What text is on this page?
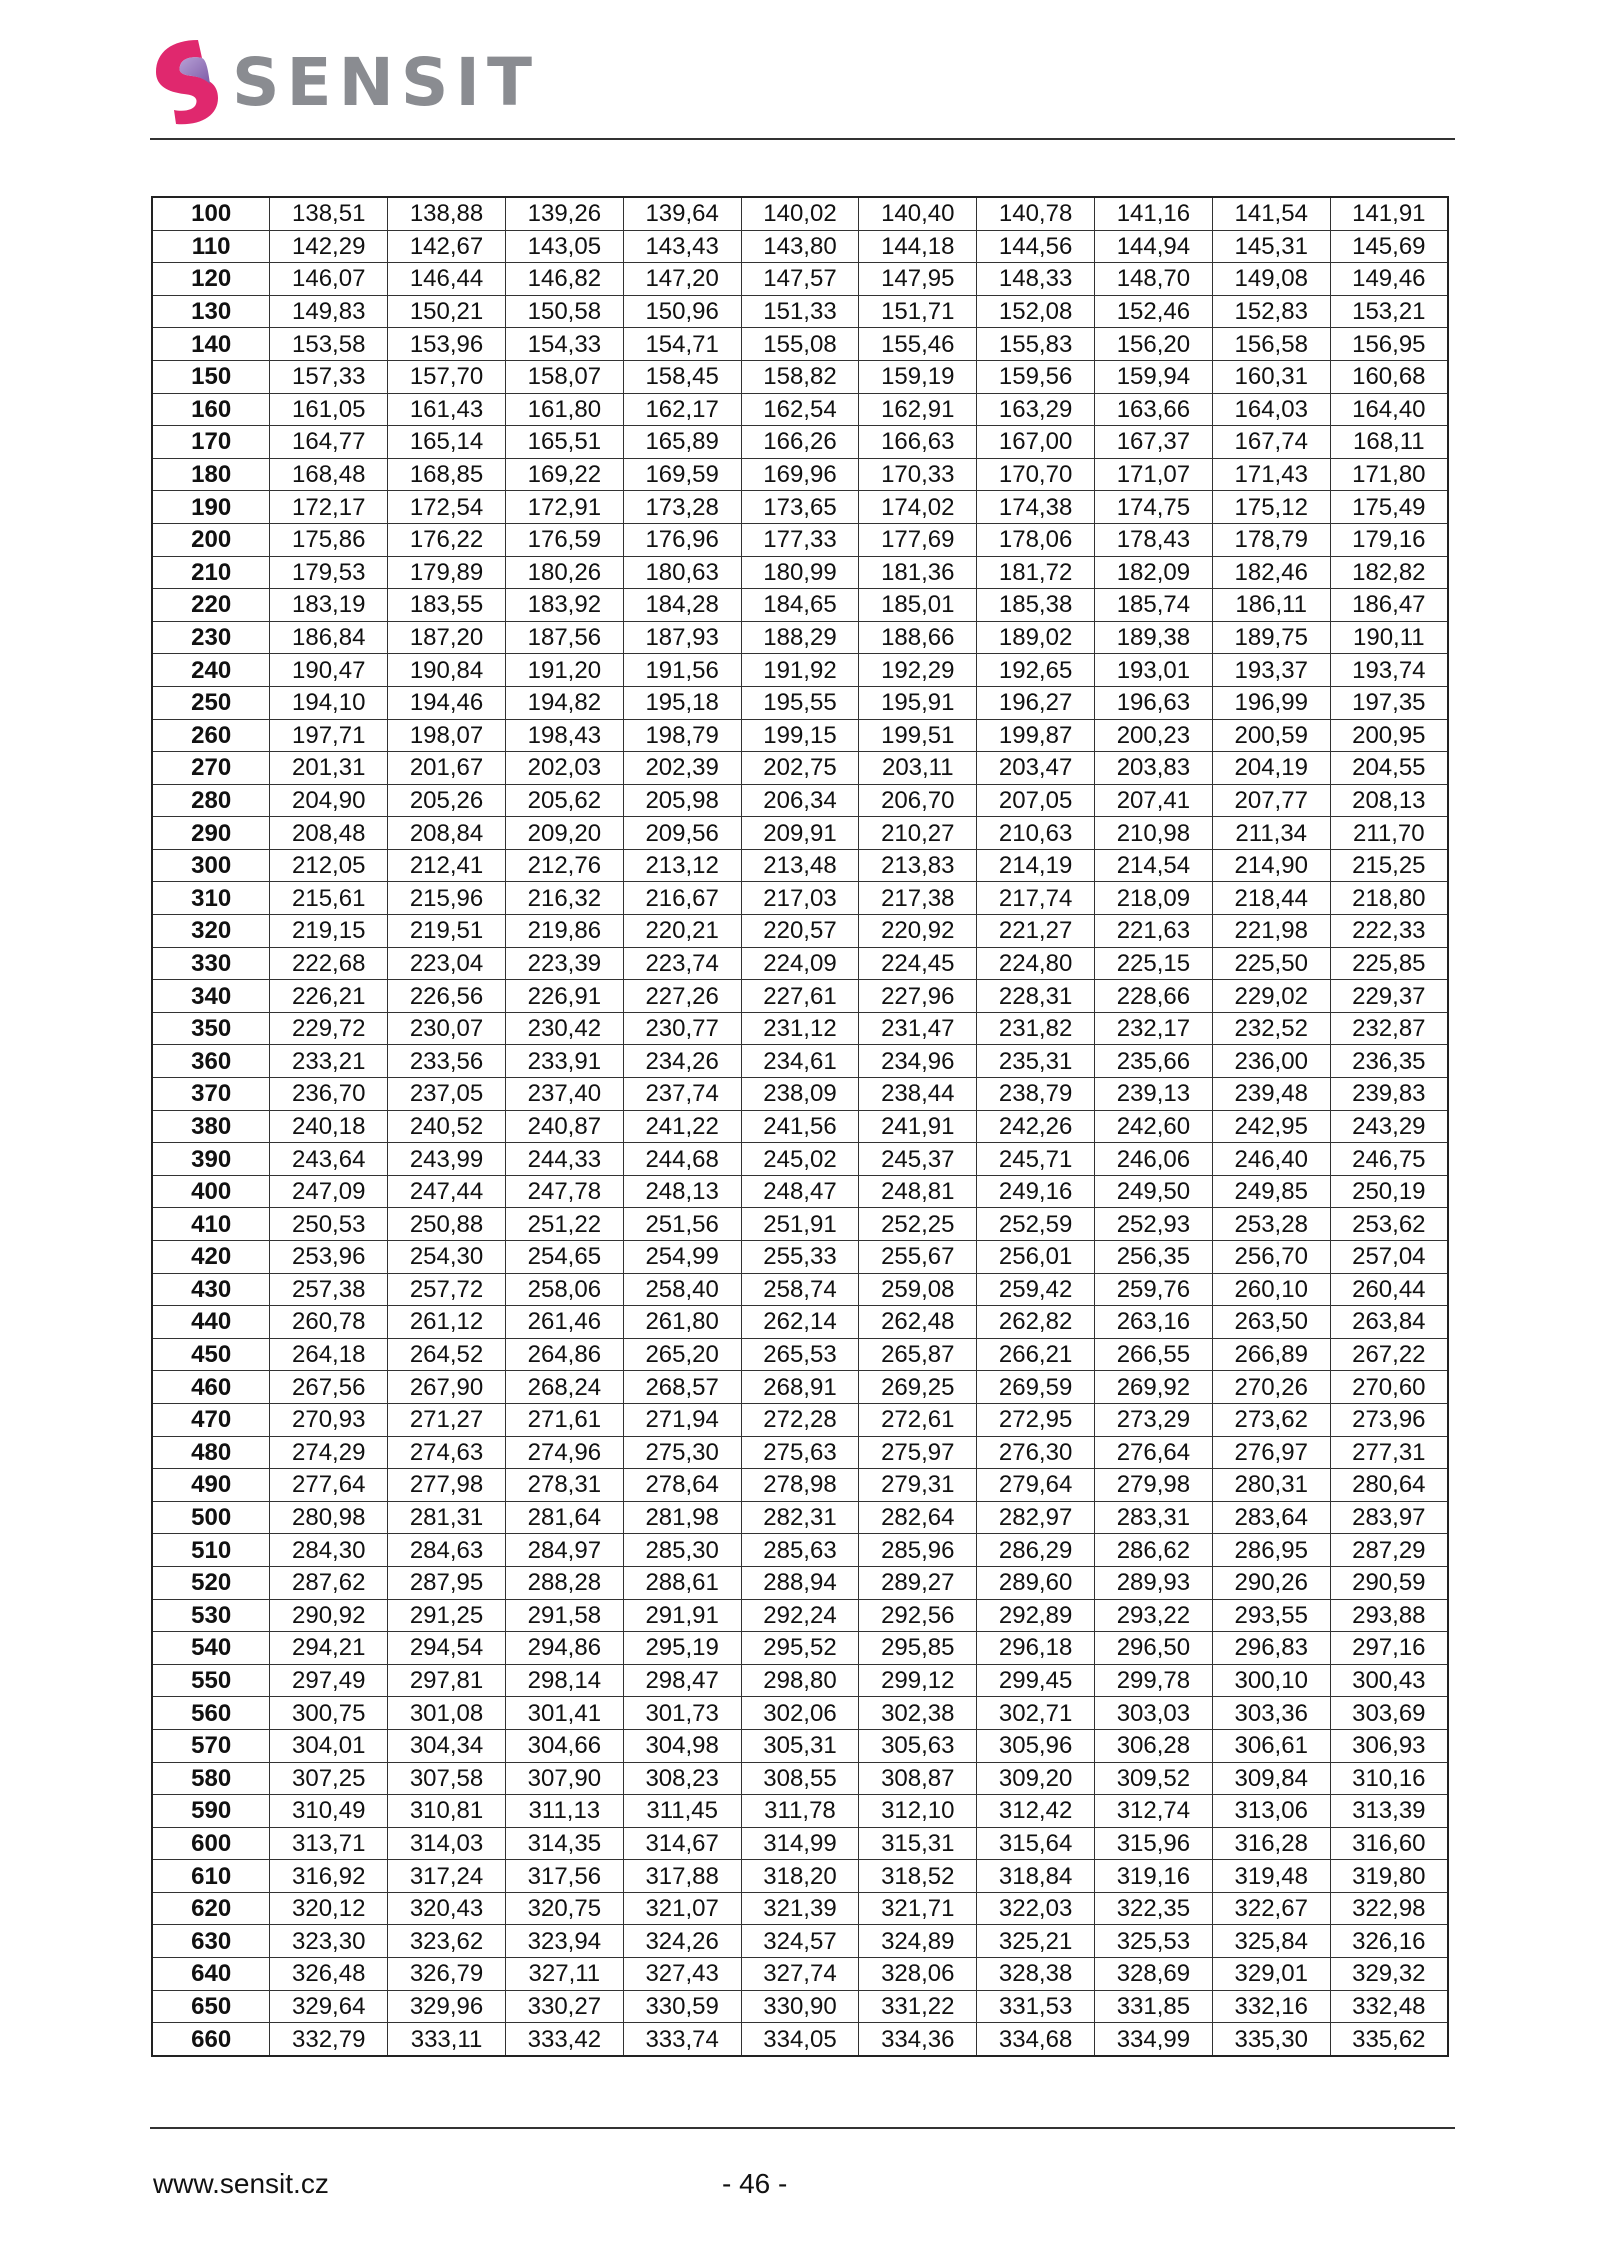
SENSIT
100	138,51	138,88	139,26	139,64	140,02	140,40	140,78	141,16	141,54	141,91
110	142,29	142,67	143,05	143,43	143,80	144,18	144,56	144,94	145,31	145,69
120	146,07	146,44	146,82	147,20	147,57	147,95	148,33	148,70	149,08	149,46
130	149,83	150,21	150,58	150,96	151,33	151,71	152,08	152,46	152,83	153,21
140	153,58	153,96	154,33	154,71	155,08	155,46	155,83	156,20	156,58	156,95
150	157,33	157,70	158,07	158,45	158,82	159,19	159,56	159,94	160,31	160,68
160	161,05	161,43	161,80	162,17	162,54	162,91	163,29	163,66	164,03	164,40
170	164,77	165,14	165,51	165,89	166,26	166,63	167,00	167,37	167,74	168,11
180	168,48	168,85	169,22	169,59	169,96	170,33	170,70	171,07	171,43	171,80
190	172,17	172,54	172,91	173,28	173,65	174,02	174,38	174,75	175,12	175,49
200	175,86	176,22	176,59	176,96	177,33	177,69	178,06	178,43	178,79	179,16
210	179,53	179,89	180,26	180,63	180,99	181,36	181,72	182,09	182,46	182,82
220	183,19	183,55	183,92	184,28	184,65	185,01	185,38	185,74	186,11	186,47
230	186,84	187,20	187,56	187,93	188,29	188,66	189,02	189,38	189,75	190,11
240	190,47	190,84	191,20	191,56	191,92	192,29	192,65	193,01	193,37	193,74
250	194,10	194,46	194,82	195,18	195,55	195,91	196,27	196,63	196,99	197,35
260	197,71	198,07	198,43	198,79	199,15	199,51	199,87	200,23	200,59	200,95
270	201,31	201,67	202,03	202,39	202,75	203,11	203,47	203,83	204,19	204,55
280	204,90	205,26	205,62	205,98	206,34	206,70	207,05	207,41	207,77	208,13
290	208,48	208,84	209,20	209,56	209,91	210,27	210,63	210,98	211,34	211,70
300	212,05	212,41	212,76	213,12	213,48	213,83	214,19	214,54	214,90	215,25
310	215,61	215,96	216,32	216,67	217,03	217,38	217,74	218,09	218,44	218,80
320	219,15	219,51	219,86	220,21	220,57	220,92	221,27	221,63	221,98	222,33
330	222,68	223,04	223,39	223,74	224,09	224,45	224,80	225,15	225,50	225,85
340	226,21	226,56	226,91	227,26	227,61	227,96	228,31	228,66	229,02	229,37
350	229,72	230,07	230,42	230,77	231,12	231,47	231,82	232,17	232,52	232,87
360	233,21	233,56	233,91	234,26	234,61	234,96	235,31	235,66	236,00	236,35
370	236,70	237,05	237,40	237,74	238,09	238,44	238,79	239,13	239,48	239,83
380	240,18	240,52	240,87	241,22	241,56	241,91	242,26	242,60	242,95	243,29
390	243,64	243,99	244,33	244,68	245,02	245,37	245,71	246,06	246,40	246,75
400	247,09	247,44	247,78	248,13	248,47	248,81	249,16	249,50	249,85	250,19
410	250,53	250,88	251,22	251,56	251,91	252,25	252,59	252,93	253,28	253,62
420	253,96	254,30	254,65	254,99	255,33	255,67	256,01	256,35	256,70	257,04
430	257,38	257,72	258,06	258,40	258,74	259,08	259,42	259,76	260,10	260,44
440	260,78	261,12	261,46	261,80	262,14	262,48	262,82	263,16	263,50	263,84
450	264,18	264,52	264,86	265,20	265,53	265,87	266,21	266,55	266,89	267,22
460	267,56	267,90	268,24	268,57	268,91	269,25	269,59	269,92	270,26	270,60
470	270,93	271,27	271,61	271,94	272,28	272,61	272,95	273,29	273,62	273,96
480	274,29	274,63	274,96	275,30	275,63	275,97	276,30	276,64	276,97	277,31
490	277,64	277,98	278,31	278,64	278,98	279,31	279,64	279,98	280,31	280,64
500	280,98	281,31	281,64	281,98	282,31	282,64	282,97	283,31	283,64	283,97
510	284,30	284,63	284,97	285,30	285,63	285,96	286,29	286,62	286,95	287,29
520	287,62	287,95	288,28	288,61	288,94	289,27	289,60	289,93	290,26	290,59
530	290,92	291,25	291,58	291,91	292,24	292,56	292,89	293,22	293,55	293,88
540	294,21	294,54	294,86	295,19	295,52	295,85	296,18	296,50	296,83	297,16
550	297,49	297,81	298,14	298,47	298,80	299,12	299,45	299,78	300,10	300,43
560	300,75	301,08	301,41	301,73	302,06	302,38	302,71	303,03	303,36	303,69
570	304,01	304,34	304,66	304,98	305,31	305,63	305,96	306,28	306,61	306,93
580	307,25	307,58	307,90	308,23	308,55	308,87	309,20	309,52	309,84	310,16
590	310,49	310,81	311,13	311,45	311,78	312,10	312,42	312,74	313,06	313,39
600	313,71	314,03	314,35	314,67	314,99	315,31	315,64	315,96	316,28	316,60
610	316,92	317,24	317,56	317,88	318,20	318,52	318,84	319,16	319,48	319,80
620	320,12	320,43	320,75	321,07	321,39	321,71	322,03	322,35	322,67	322,98
630	323,30	323,62	323,94	324,26	324,57	324,89	325,21	325,53	325,84	326,16
640	326,48	326,79	327,11	327,43	327,74	328,06	328,38	328,69	329,01	329,32
650	329,64	329,96	330,27	330,59	330,90	331,22	331,53	331,85	332,16	332,48
660	332,79	333,11	333,42	333,74	334,05	334,36	334,68	334,99	335,30	335,62
www.sensit.cz	- 46 -
